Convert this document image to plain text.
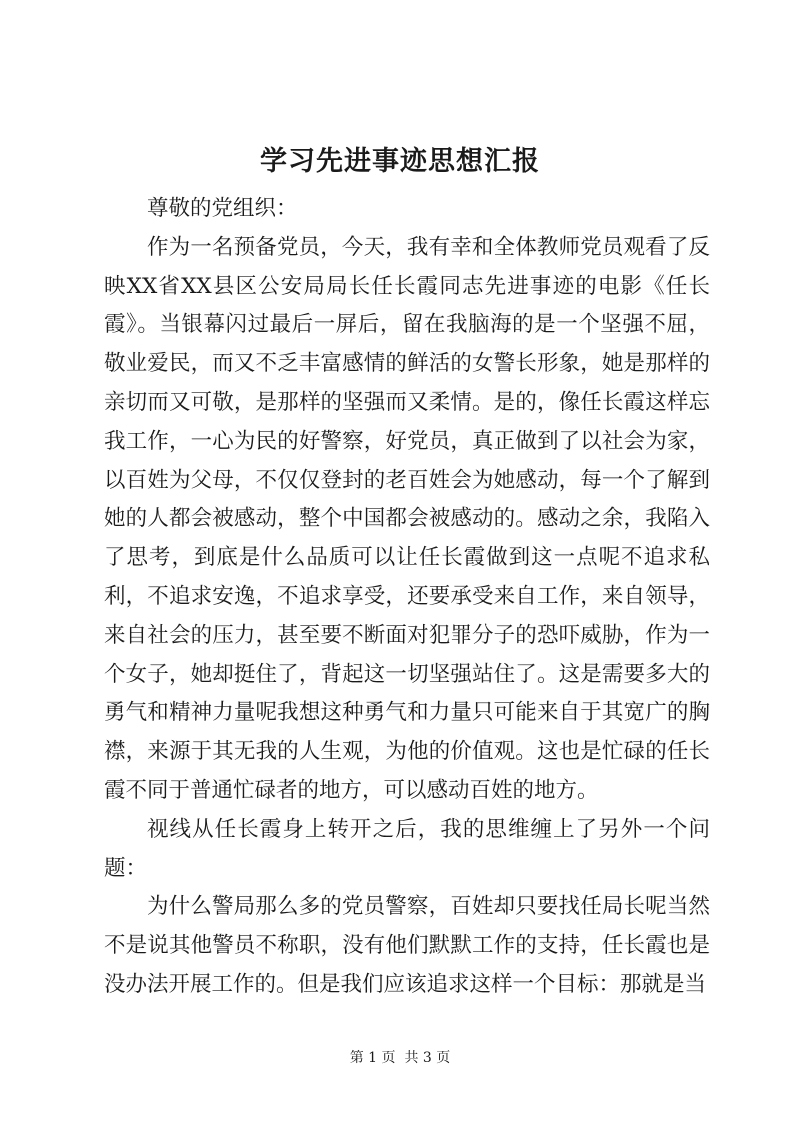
学习先进事迹思想汇报

尊敬的党组织：

作为一名预备党员，今天，我有幸和全体教师党员观看了反映XX省XX县区公安局局长任长霞同志先进事迹的电影《任长霞》。当银幕闪过最后一屏后，留在我脑海的是一个坚强不屈，敬业爱民，而又不乏丰富感情的鲜活的女警长形象，她是那样的亲切而又可敬，是那样的坚强而又柔情。是的，像任长霞这样忘我工作，一心为民的好警察，好党员，真正做到了以社会为家，以百姓为父母，不仅仅登封的老百姓会为她感动，每一个了解到她的人都会被感动，整个中国都会被感动的。感动之余，我陷入了思考，到底是什么品质可以让任长霞做到这一点呢不追求私利，不追求安逸，不追求享受，还要承受来自工作，来自领导，来自社会的压力，甚至要不断面对犯罪分子的恐吓威胁，作为一个女子，她却挺住了，背起这一切坚强站住了。这是需要多大的勇气和精神力量呢我想这种勇气和力量只可能来自于其宽广的胸襟，来源于其无我的人生观，为他的价值观。这也是忙碌的任长霞不同于普通忙碌者的地方，可以感动百姓的地方。

视线从任长霞身上转开之后，我的思维缠上了另外一个问题：

为什么警局那么多的党员警察，百姓却只要找任局长呢当然不是说其他警员不称职，没有他们默默工作的支持，任长霞也是没办法开展工作的。但是我们应该追求这样一个目标：那就是当

第 1 页  共 3 页
